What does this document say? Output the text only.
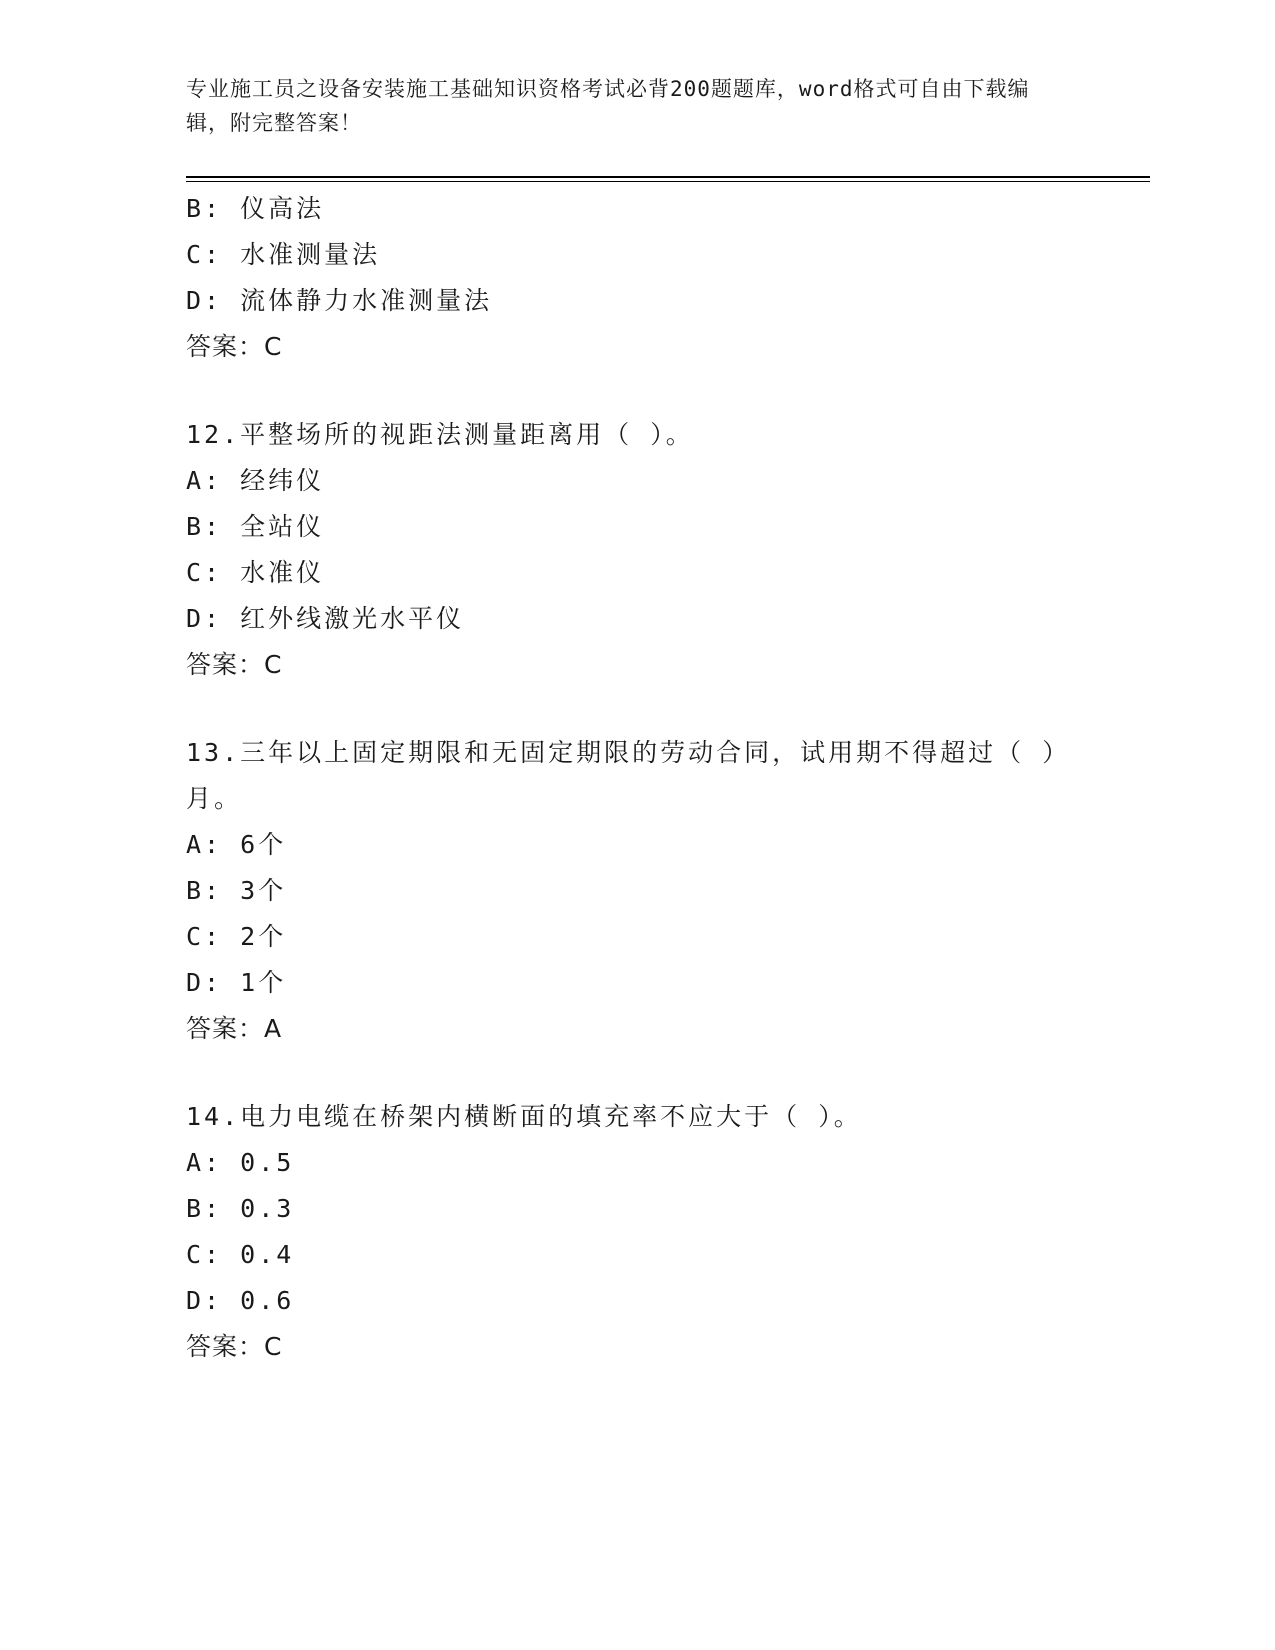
专业施工员之设备安装施工基础知识资格考试必背200题题库，word格式可自由下载编辑，附完整答案！
B: 仪高法
C: 水准测量法
D: 流体静力水准测量法
答案：C
12.平整场所的视距法测量距离用（ ）。
A: 经纬仪
B: 全站仪
C: 水准仪
D: 红外线激光水平仪
答案：C
13.三年以上固定期限和无固定期限的劳动合同，试用期不得超过（ ）月。
A: 6个
B: 3个
C: 2个
D: 1个
答案：A
14.电力电缆在桥架内横断面的填充率不应大于（ ）。
A: 0.5
B: 0.3
C: 0.4
D: 0.6
答案：C
